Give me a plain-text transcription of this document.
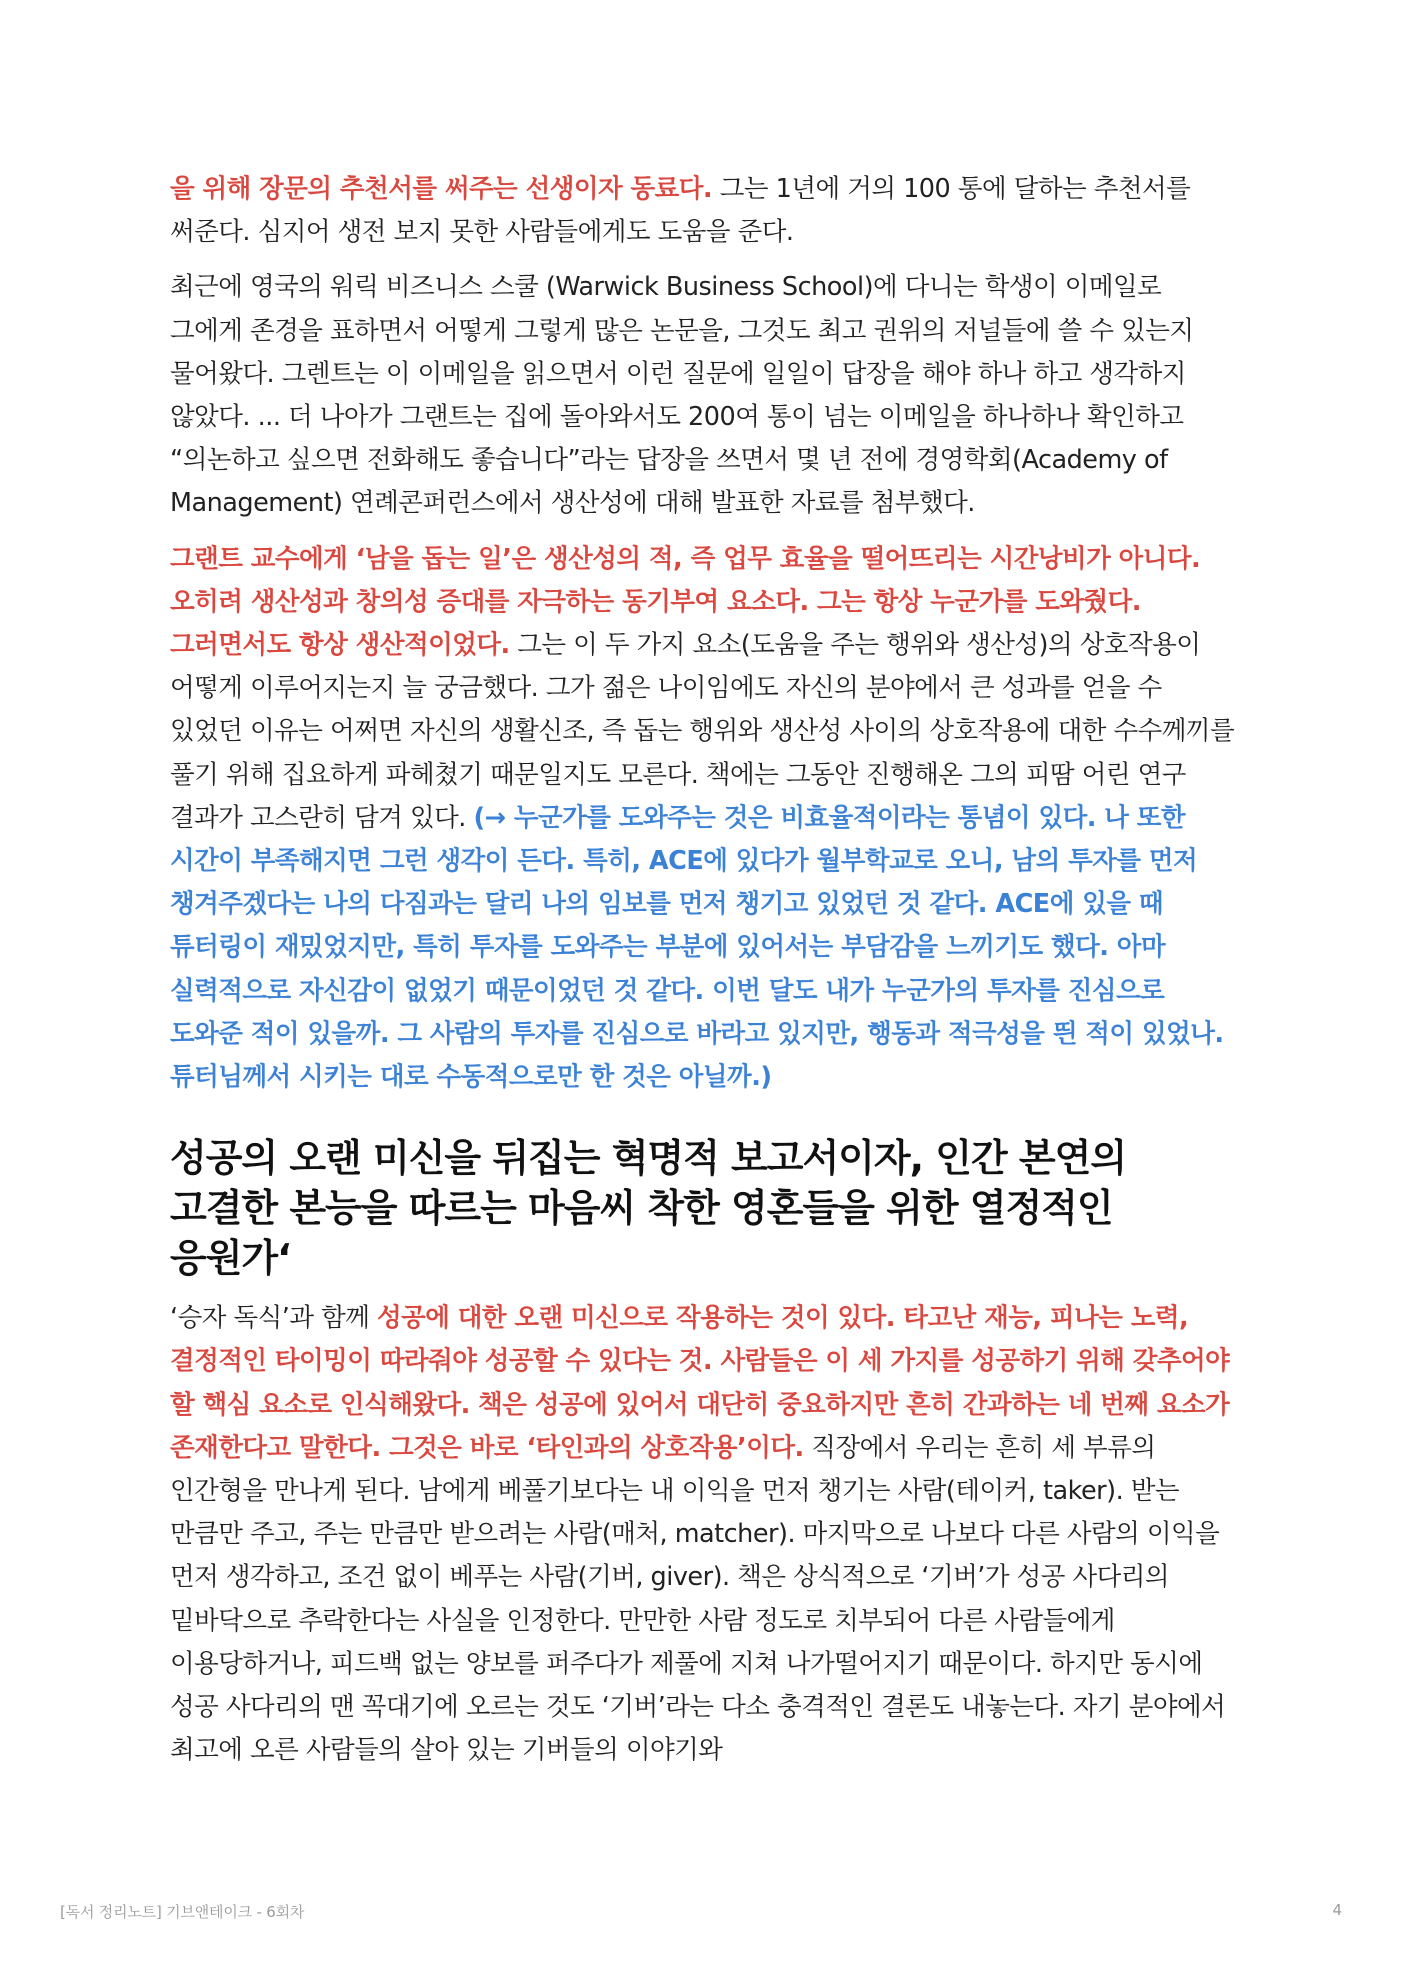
을 위해 장문의 추천서를 써주는 선생이자 동료다. 그는 1년에 거의 100 통에 달하는 추천서를 써준다. 심지어 생전 보지 못한 사람들에게도 도움을 준다.

최근에 영국의 워릭 비즈니스 스쿨 (Warwick Business School)에 다니는 학생이 이메일로 그에게 존경을 표하면서 어떻게 그렇게 많은 논문을, 그것도 최고 권위의 저널들에 쓸 수 있는지 물어왔다. 그렌트는 이 이메일을 읽으면서 이런 질문에 일일이 답장을 해야 하나 하고 생각하지 않았다. ... 더 나아가 그랜트는 집에 돌아와서도 200여 통이 넘는 이메일을 하나하나 확인하고 “의논하고 싶으면 전화해도 좋습니다”라는 답장을 쓰면서 몇 년 전에 경영학회(Academy of Management) 연례콘퍼런스에서 생산성에 대해 발표한 자료를 첨부했다.

그랜트 교수에게 ‘남을 돕는 일’은 생산성의 적, 즉 업무 효율을 떨어뜨리는 시간낭비가 아니다. 오히려 생산성과 창의성 증대를 자극하는 동기부여 요소다. 그는 항상 누군가를 도와줬다. 그러면서도 항상 생산적이었다. 그는 이 두 가지 요소(도움을 주는 행위와 생산성)의 상호작용이 어떻게 이루어지는지 늘 궁금했다. 그가 젊은 나이임에도 자신의 분야에서 큰 성과를 얻을 수 있었던 이유는 어쩌면 자신의 생활신조, 즉 돕는 행위와 생산성 사이의 상호작용에 대한 수수께끼를 풀기 위해 집요하게 파헤쳤기 때문일지도 모른다. 책에는 그동안 진행해온 그의 피땀 어린 연구 결과가 고스란히 담겨 있다. (→ 누군가를 도와주는 것은 비효율적이라는 통념이 있다. 나 또한 시간이 부족해지면 그런 생각이 든다. 특히, ACE에 있다가 월부학교로 오니, 남의 투자를 먼저 챙겨주겠다는 나의 다짐과는 달리 나의 임보를 먼저 챙기고 있었던 것 같다. ACE에 있을 때 튜터링이 재밌었지만, 특히 투자를 도와주는 부분에 있어서는 부담감을 느끼기도 했다. 아마 실력적으로 자신감이 없었기 때문이었던 것 같다. 이번 달도 내가 누군가의 투자를 진심으로 도와준 적이 있을까. 그 사람의 투자를 진심으로 바라고 있지만, 행동과 적극성을 띈 적이 있었나. 튜터님께서 시키는 대로 수동적으로만 한 것은 아닐까.)

성공의 오랜 미신을 뒤집는 혁명적 보고서이자, 인간 본연의 고결한 본능을 따르는 마음씨 착한 영혼들을 위한 열정적인 응원가‘

‘승자 독식’과 함께 성공에 대한 오랜 미신으로 작용하는 것이 있다. 타고난 재능, 피나는 노력, 결정적인 타이밍이 따라줘야 성공할 수 있다는 것. 사람들은 이 세 가지를 성공하기 위해 갖추어야 할 핵심 요소로 인식해왔다. 책은 성공에 있어서 대단히 중요하지만 흔히 간과하는 네 번째 요소가 존재한다고 말한다. 그것은 바로 ‘타인과의 상호작용’이다. 직장에서 우리는 흔히 세 부류의 인간형을 만나게 된다. 남에게 베풀기보다는 내 이익을 먼저 챙기는 사람(테이커, taker). 받는 만큼만 주고, 주는 만큼만 받으려는 사람(매처, matcher). 마지막으로 나보다 다른 사람의 이익을 먼저 생각하고, 조건 없이 베푸는 사람(기버, giver). 책은 상식적으로 ‘기버’가 성공 사다리의 밑바닥으로 추락한다는 사실을 인정한다. 만만한 사람 정도로 치부되어 다른 사람들에게 이용당하거나, 피드백 없는 양보를 퍼주다가 제풀에 지쳐 나가떨어지기 때문이다. 하지만 동시에 성공 사다리의 맨 꼭대기에 오르는 것도 ‘기버’라는 다소 충격적인 결론도 내놓는다. 자기 분야에서 최고에 오른 사람들의 살아 있는 기버들의 이야기와

[독서 정리노트] 기브앤테이크 - 6회차	4
